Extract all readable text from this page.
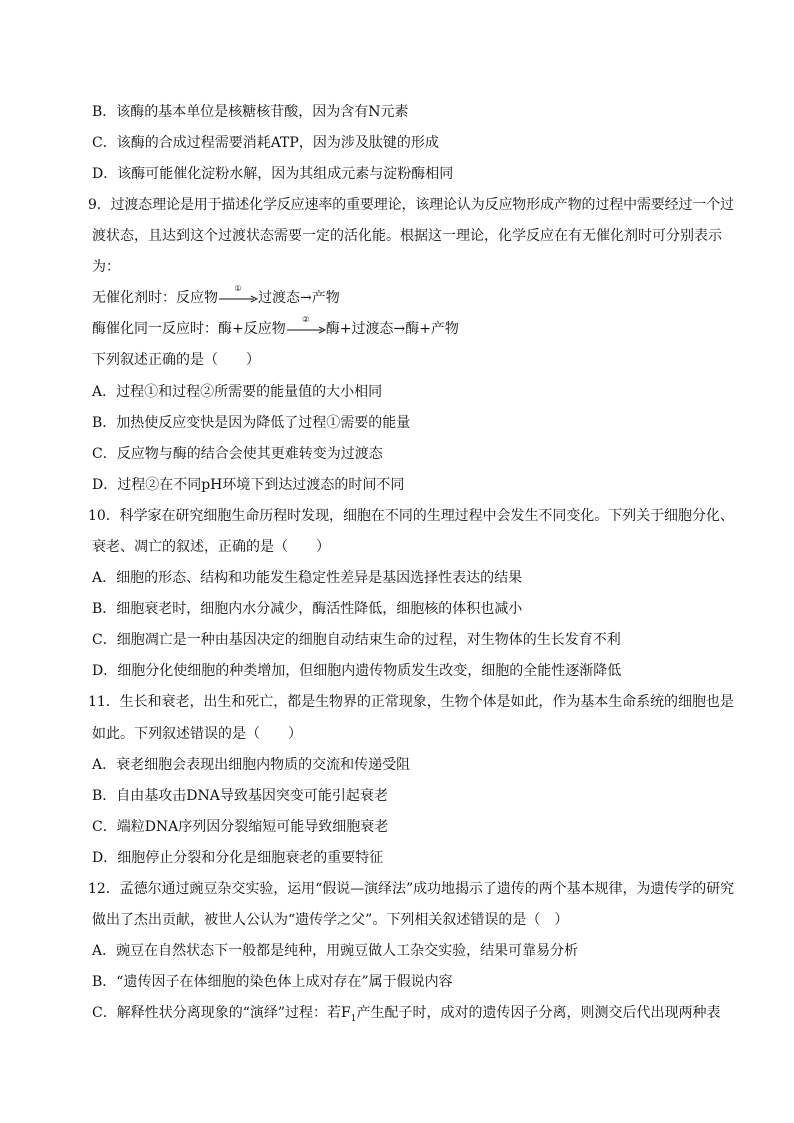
B．该酶的基本单位是核糖核苷酸，因为含有N元素
C．该酶的合成过程需要消耗ATP，因为涉及肽键的形成
D．该酶可能催化淀粉水解，因为其组成元素与淀粉酶相同
9．过渡态理论是用于描述化学反应速率的重要理论，该理论认为反应物形成产物的过程中需要经过一个过
渡状态，且达到这个过渡状态需要一定的活化能。根据这一理论，化学反应在有无催化剂时可分别表示
为：
无催化剂时：反应物
①
过渡态→产物
酶催化同一反应时：酶+反应物
②
酶+过渡态→酶+产物
下列叙述正确的是（　　）
A．过程①和过程②所需要的能量值的大小相同
B．加热使反应变快是因为降低了过程①需要的能量
C．反应物与酶的结合会使其更难转变为过渡态
D．过程②在不同pH环境下到达过渡态的时间不同
10．科学家在研究细胞生命历程时发现，细胞在不同的生理过程中会发生不同变化。下列关于细胞分化、
衰老、凋亡的叙述，正确的是（　　）
A．细胞的形态、结构和功能发生稳定性差异是基因选择性表达的结果
B．细胞衰老时，细胞内水分减少，酶活性降低，细胞核的体积也减小
C．细胞凋亡是一种由基因决定的细胞自动结束生命的过程，对生物体的生长发育不利
D．细胞分化使细胞的种类增加，但细胞内遗传物质发生改变，细胞的全能性逐渐降低
11．生长和衰老，出生和死亡，都是生物界的正常现象，生物个体是如此，作为基本生命系统的细胞也是
如此。下列叙述错误的是（　　）
A．衰老细胞会表现出细胞内物质的交流和传递受阻
B．自由基攻击DNA导致基因突变可能引起衰老
C．端粒DNA序列因分裂缩短可能导致细胞衰老
D．细胞停止分裂和分化是细胞衰老的重要特征
12．孟德尔通过豌豆杂交实验，运用“假说—演绎法”成功地揭示了遗传的两个基本规律，为遗传学的研究
做出了杰出贡献，被世人公认为“遗传学之父”。下列相关叙述错误的是（　）
A．豌豆在自然状态下一般都是纯种，用豌豆做人工杂交实验，结果可靠易分析
B．“遗传因子在体细胞的染色体上成对存在”属于假说内容
C．解释性状分离现象的“演绎”过程：若$F_1$产生配子时，成对的遗传因子分离，则测交后代出现两种表
